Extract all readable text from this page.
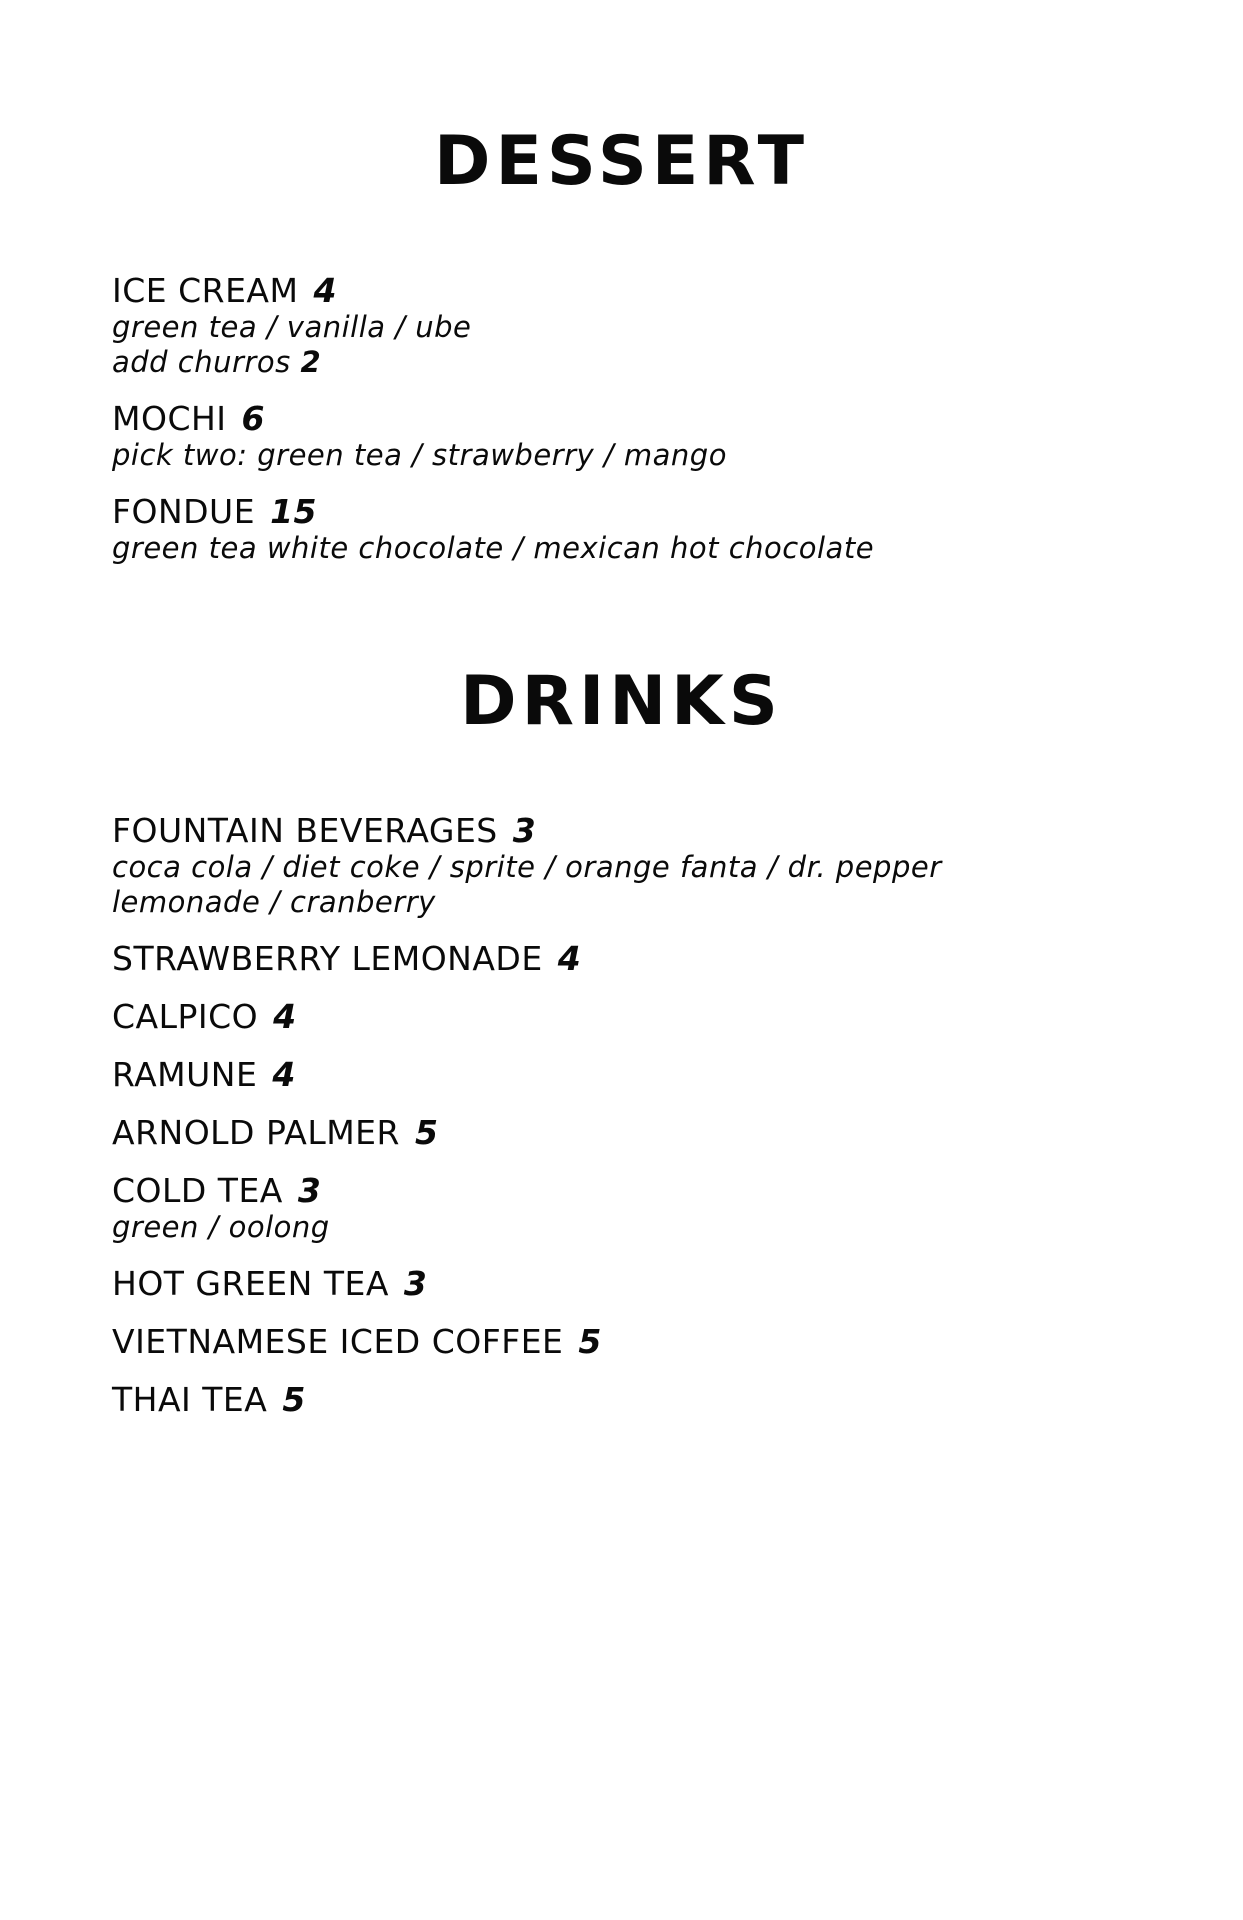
DESSERT
ICE CREAM 4
green tea / vanilla / ube
add churros 2
MOCHI 6
pick two: green tea / strawberry / mango
FONDUE 15
green tea white chocolate / mexican hot chocolate
DRINKS
FOUNTAIN BEVERAGES 3
coca cola / diet coke / sprite / orange fanta / dr. pepper
lemonade / cranberry
STRAWBERRY LEMONADE 4
CALPICO 4
RAMUNE 4
ARNOLD PALMER 5
COLD TEA 3
green / oolong
HOT GREEN TEA 3
VIETNAMESE ICED COFFEE 5
THAI TEA 5
